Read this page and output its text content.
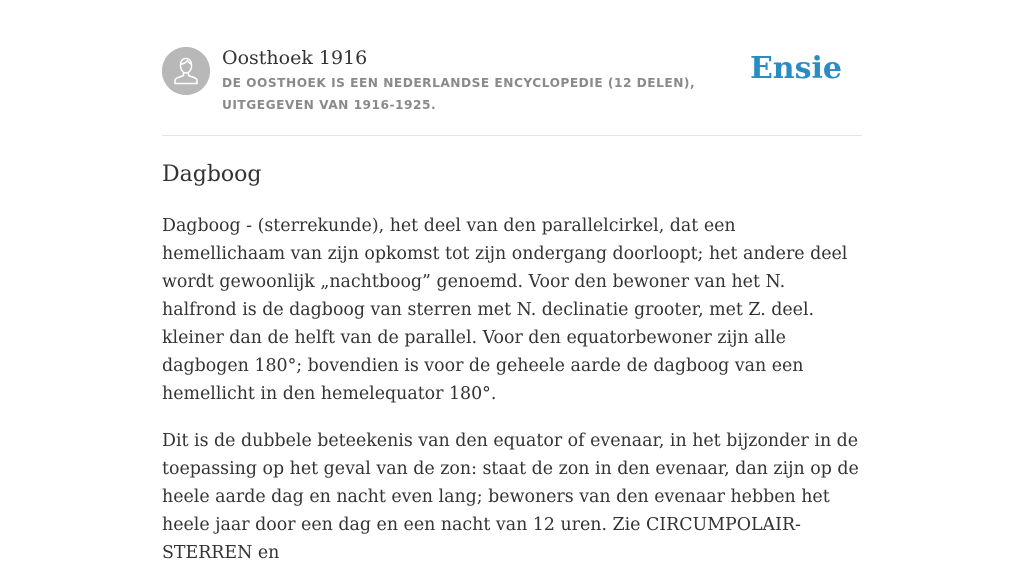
Oosthoek 1916
DE OOSTHOEK IS EEN NEDERLANDSE ENCYCLOPEDIE (12 DELEN), UITGEGEVEN VAN 1916-1925.
Ensie
Dagboog

Dagboog - (sterrekunde), het deel van den parallelcirkel, dat een hemellichaam van zijn opkomst tot zijn ondergang doorloopt; het andere deel wordt gewoonlijk „nachtboog” genoemd. Voor den bewoner van het N. halfrond is de dagboog van sterren met N. declinatie grooter, met Z. deel. kleiner dan de helft van de parallel. Voor den equatorbewoner zijn alle dagbogen 180°; bovendien is voor de geheele aarde de dagboog van een hemellicht in den hemelequator 180°.

Dit is de dubbele beteekenis van den equator of evenaar, in het bijzonder in de toepassing op het geval van de zon: staat de zon in den evenaar, dan zijn op de heele aarde dag en nacht even lang; bewoners van den evenaar hebben het heele jaar door een dag en een nacht van 12 uren. Zie CIRCUMPOLAIR-STERREN en
